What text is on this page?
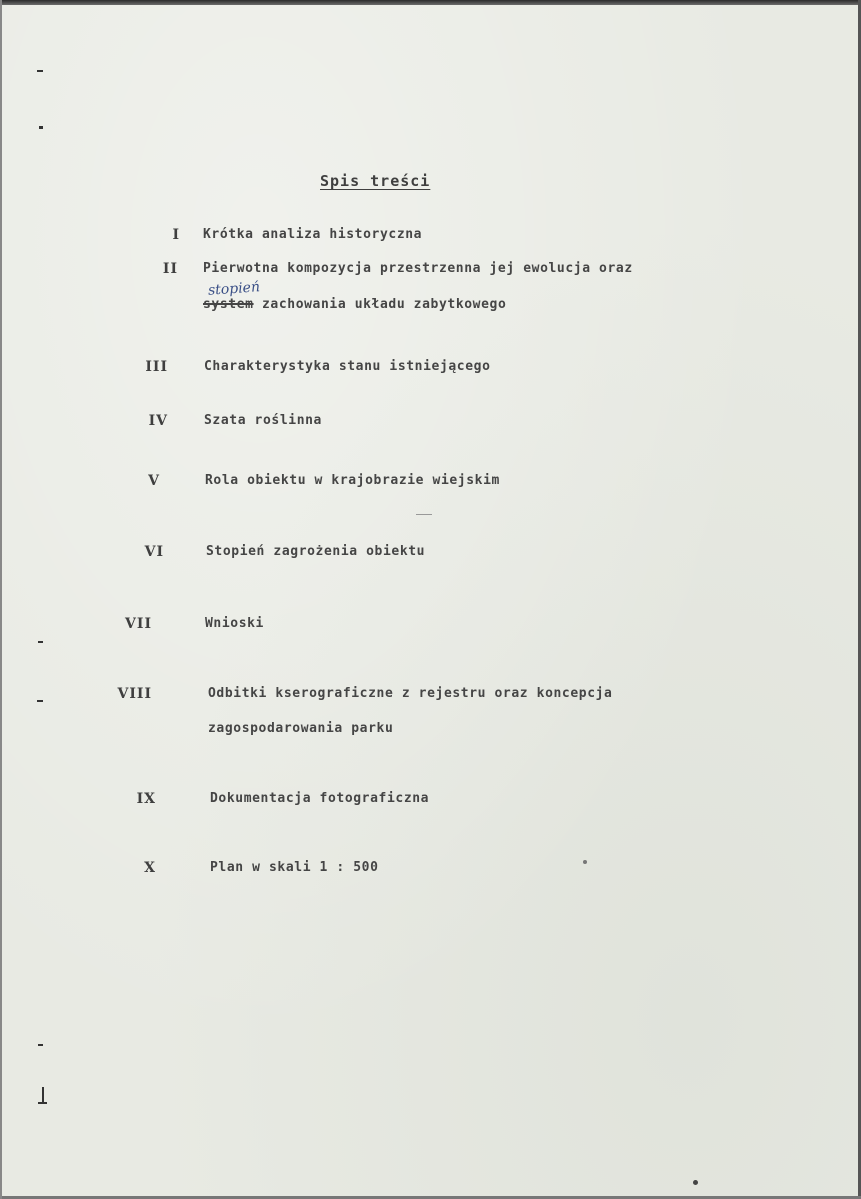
Spis treści
I Krótka analiza historyczna
II Pierwotna kompozycja przestrzenna jej ewolucja oraz
system zachowania układu zabytkowego
stopień
III	Charakterystyka stanu istniejącego
IV	Szata roślinna
V	Rola obiektu w krajobrazie wiejskim
VI	Stopień zagrożenia obiektu
VII	Wnioski
VIII	Odbitki kserograficzne z rejestru oraz koncepcja
zagospodarowania parku
IX	Dokumentacja fotograficzna
X	Plan w skali 1 : 500
